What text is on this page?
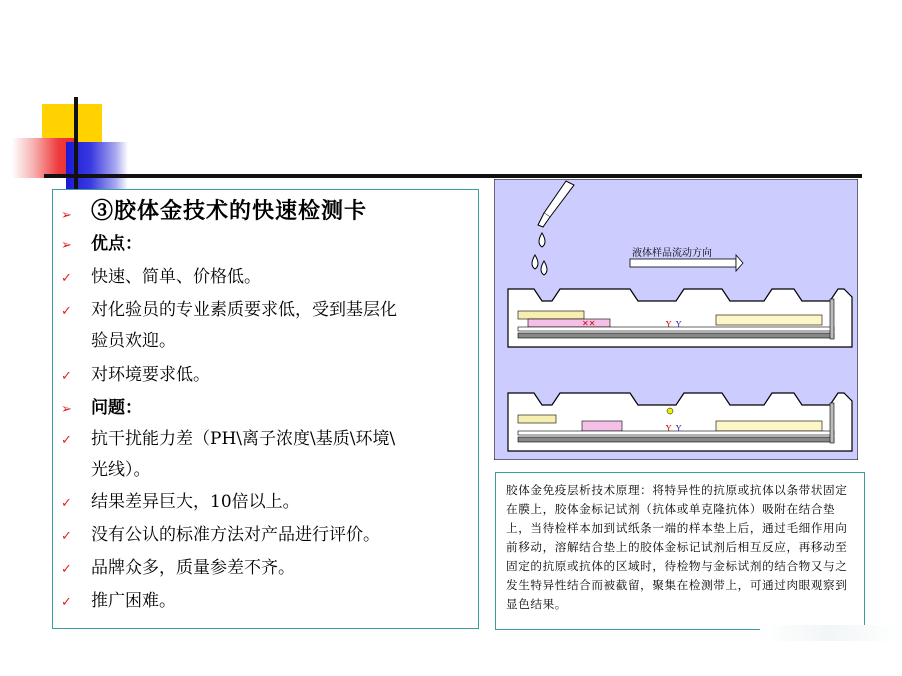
➢ ③胶体金技术的快速检测卡
➢ 优点：
✓ 快速、简单、价格低。
✓ 对化验员的专业素质要求低，受到基层化
验员欢迎。
✓ 对环境要求低。
➢ 问题：
✓ 抗干扰能力差（PH\离子浓度\基质\环境\
光线）。
✓ 结果差异巨大，10倍以上。
✓ 没有公认的标准方法对产品进行评价。
✓ 品牌众多，质量参差不齐。
✓ 推广困难。
液体样品流动方向
✕✕	Y Y
Y Y
胶体金免疫层析技术原理：将特异性的抗原或抗体以条带状固定在膜上，胶体金标记试剂（抗体或单克隆抗体）吸附在结合垫上，当待检样本加到试纸条一端的样本垫上后，通过毛细作用向前移动，溶解结合垫上的胶体金标记试剂后相互反应，再移动至固定的抗原或抗体的区域时，待检物与金标试剂的结合物又与之发生特异性结合而被截留，聚集在检测带上，可通过肉眼观察到显色结果。
